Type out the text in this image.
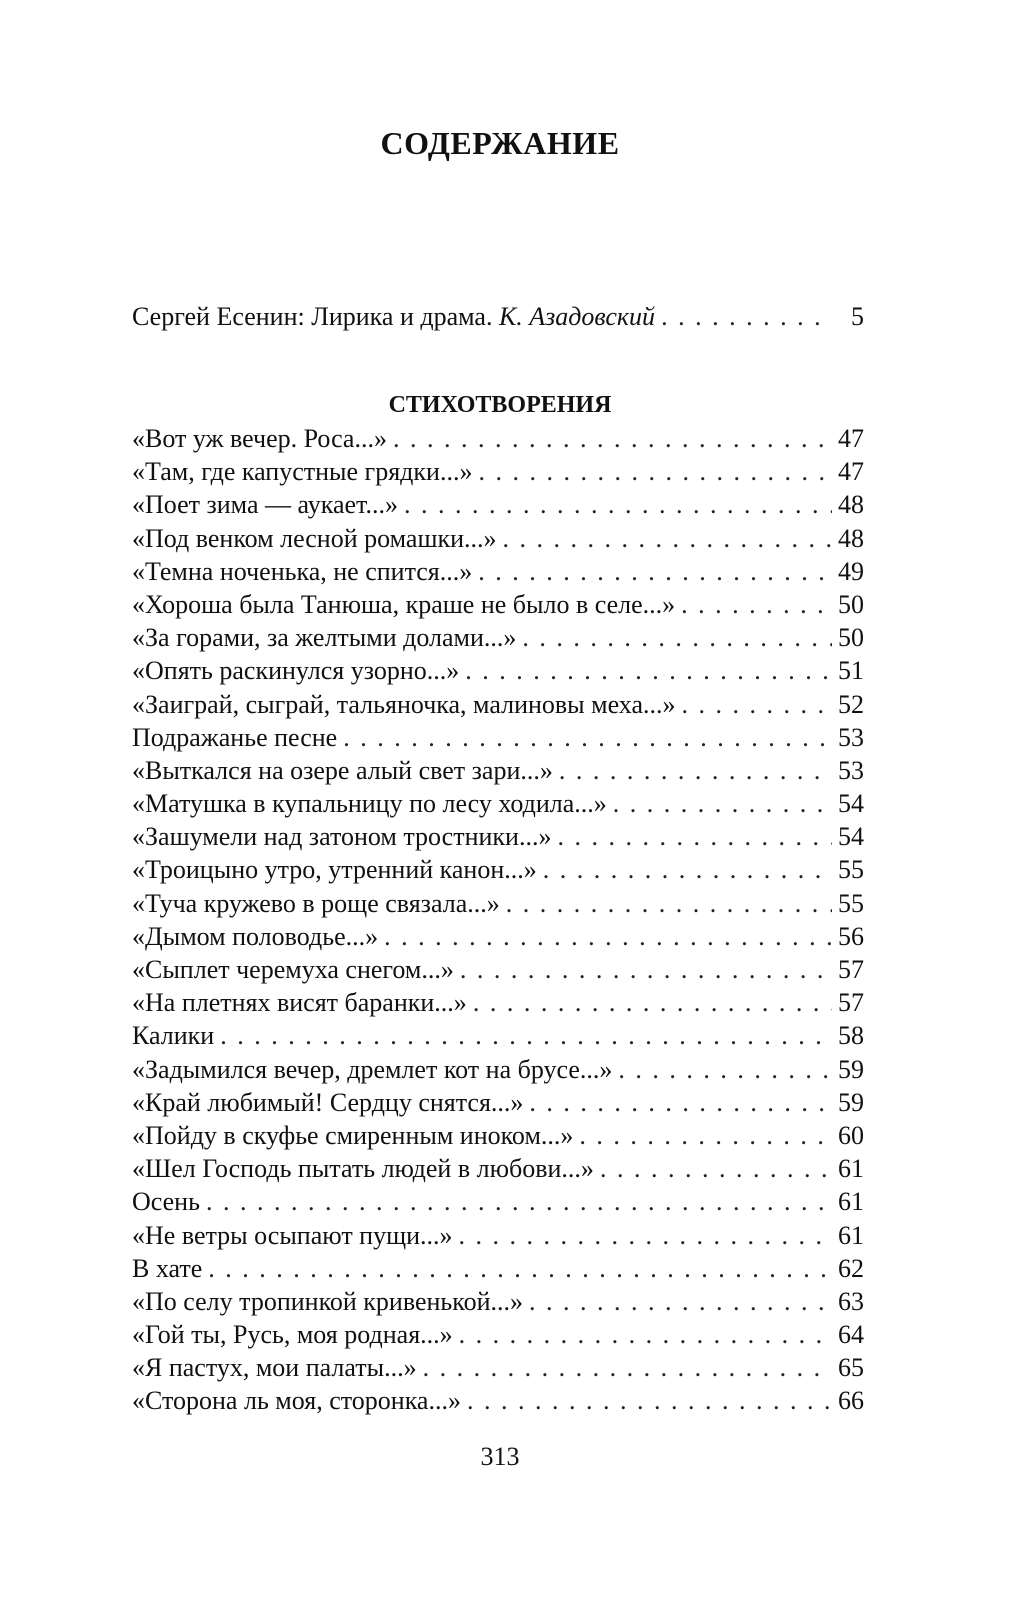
СОДЕРЖАНИЕ
Сергей Есенин: Лирика и драма. К. Азадовский . . .	5
СТИХОТВОРЕНИЯ
«Вот уж вечер. Роса...» . . .	47
«Там, где капустные грядки...» . . .	47
«Поет зима — аукает...» . . .	48
«Под венком лесной ромашки...» . . .	48
«Темна ноченька, не спится...» . . .	49
«Хороша была Танюша, краше не было в селе...» . . .	50
«За горами, за желтыми долами...» . . .	50
«Опять раскинулся узорно...» . . .	51
«Заиграй, сыграй, тальяночка, малиновы меха...» . . .	52
Подражанье песне . . .	53
«Выткался на озере алый свет зари...» . . .	53
«Матушка в купальницу по лесу ходила...» . . .	54
«Зашумели над затоном тростники...» . . .	54
«Троицыно утро, утренний канон...» . . .	55
«Туча кружево в роще связала...» . . .	55
«Дымом половодье...» . . .	56
«Сыплет черемуха снегом...» . . .	57
«На плетнях висят баранки...» . . .	57
Калики . . .	58
«Задымился вечер, дремлет кот на брусе...» . . .	59
«Край любимый! Сердцу снятся...» . . .	59
«Пойду в скуфье смиренным иноком...» . . .	60
«Шел Господь пытать людей в любови...» . . .	61
Осень . . .	61
«Не ветры осыпают пущи...» . . .	61
В хате . . .	62
«По селу тропинкой кривенькой...» . . .	63
«Гой ты, Русь, моя родная...» . . .	64
«Я пастух, мои палаты...» . . .	65
«Сторона ль моя, сторонка...» . . .	66
313
